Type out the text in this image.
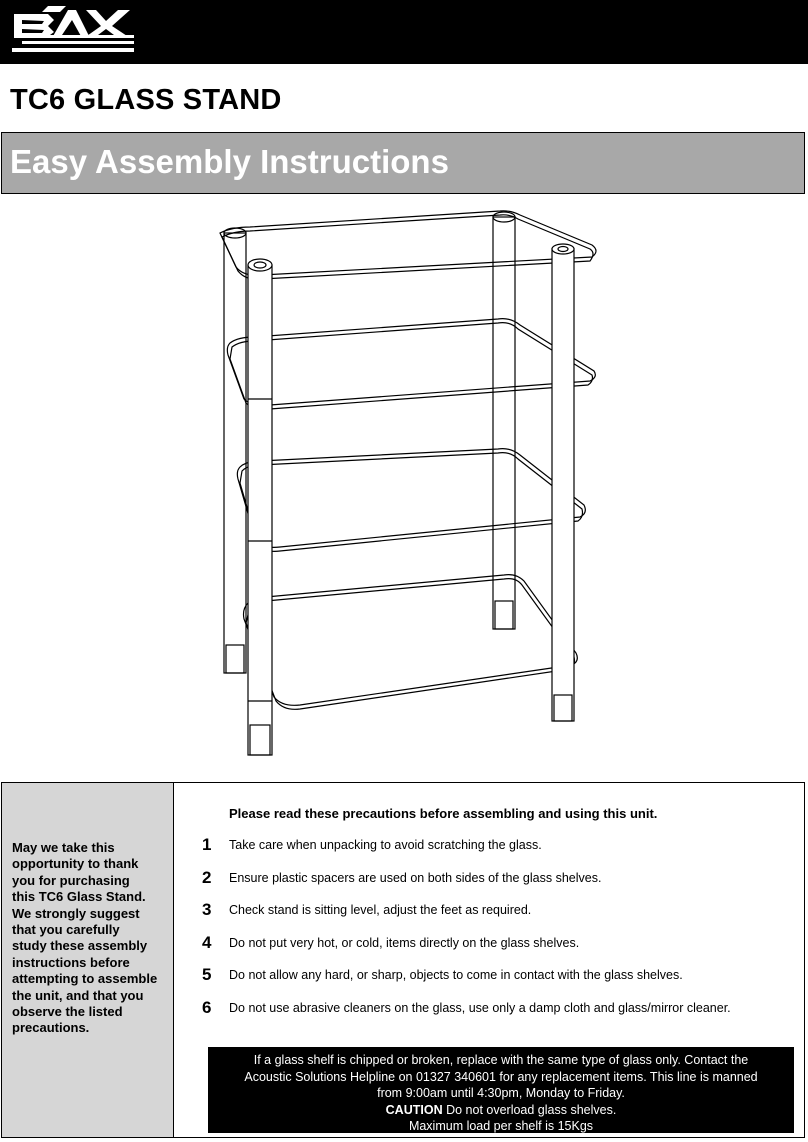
REV: 1/053/1.1
TC6 GLASS STAND
Easy Assembly Instructions
May we take this
opportunity to thank
you for purchasing
this TC6 Glass Stand.
We strongly suggest
that you carefully
study these assembly
instructions before
attempting to assemble
the unit, and that you
observe the listed
precautions.
Please read these precautions before assembling and using this unit.
1 Take care when unpacking to avoid scratching the glass.
2 Ensure plastic spacers are used on both sides of the glass shelves.
3 Check stand is sitting level, adjust the feet as required.
4 Do not put very hot, or cold, items directly on the glass shelves.
5 Do not allow any hard, or sharp, objects to come in contact with the glass shelves.
6 Do not use abrasive cleaners on the glass, use only a damp cloth and glass/mirror cleaner.
If a glass shelf is chipped or broken, replace with the same type of glass only. Contact the
Acoustic Solutions Helpline on 01327 340601 for any replacement items. This line is manned
from 9:00am until 4:30pm, Monday to Friday.
CAUTION Do not overload glass shelves.
Maximum load per shelf is 15Kgs
